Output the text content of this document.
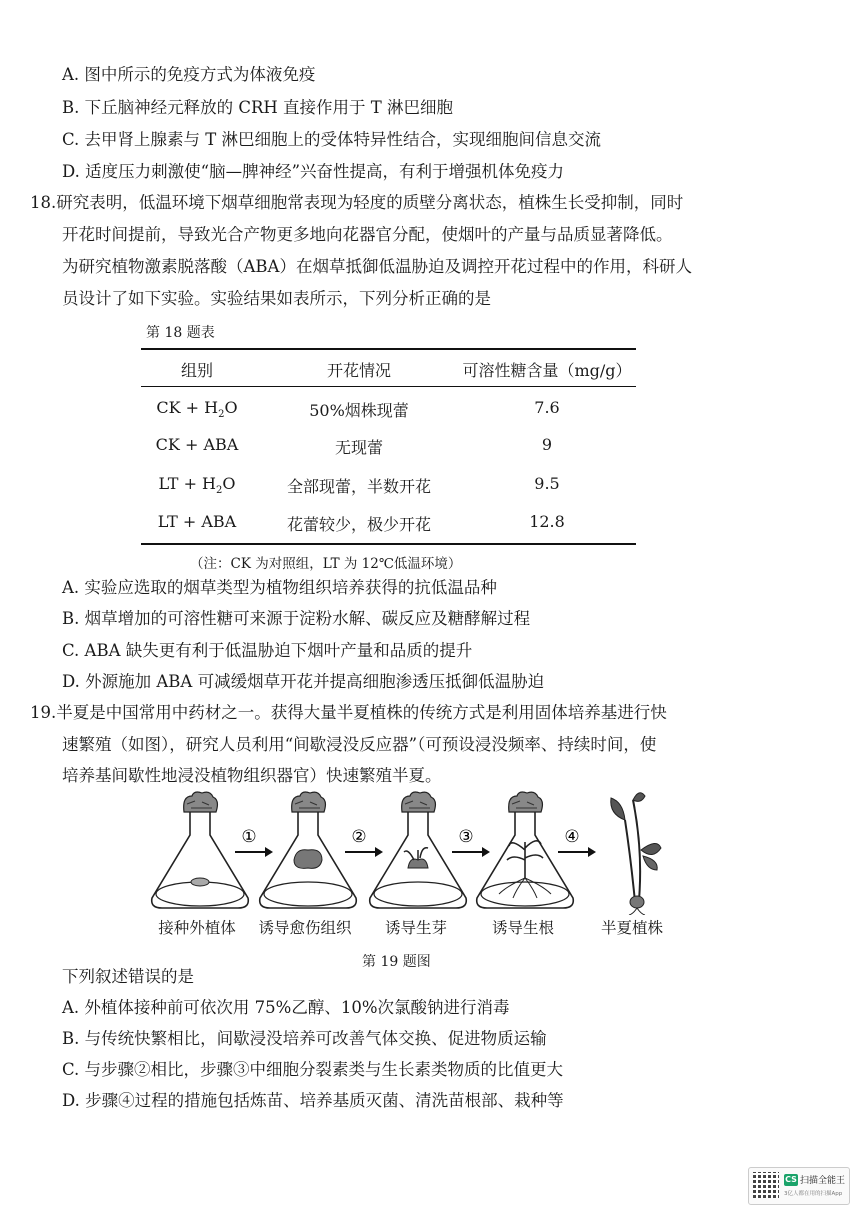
A. 图中所示的免疫方式为体液免疫
B. 下丘脑神经元释放的 CRH 直接作用于 T 淋巴细胞
C. 去甲肾上腺素与 T 淋巴细胞上的受体特异性结合，实现细胞间信息交流
D. 适度压力刺激使“脑—脾神经”兴奋性提高，有利于增强机体免疫力
18.研究表明，低温环境下烟草细胞常表现为轻度的质壁分离状态，植株生长受抑制，同时
开花时间提前，导致光合产物更多地向花器官分配，使烟叶的产量与品质显著降低。
为研究植物激素脱落酸（ABA）在烟草抵御低温胁迫及调控开花过程中的作用，科研人
员设计了如下实验。实验结果如表所示，下列分析正确的是
第 18 题表
组别	开花情况	可溶性糖含量（mg/g）
CK + $H_2O$	50%烟株现蕾	7.6
CK + ABA	无现蕾	9
LT + $H_2O$	全部现蕾，半数开花	9.5
LT + ABA	花蕾较少，极少开花	12.8
（注：CK 为对照组，LT 为 12℃低温环境）
A. 实验应选取的烟草类型为植物组织培养获得的抗低温品种
B. 烟草增加的可溶性糖可来源于淀粉水解、碳反应及糖酵解过程
C. ABA 缺失更有利于低温胁迫下烟叶产量和品质的提升
D. 外源施加 ABA 可减缓烟草开花并提高细胞渗透压抵御低温胁迫
19.半夏是中国常用中药材之一。获得大量半夏植株的传统方式是利用固体培养基进行快
速繁殖（如图），研究人员利用“间歇浸没反应器”（可预设浸没频率、持续时间，使
培养基间歇性地浸没植物组织器官）快速繁殖半夏。
①	②	③	④
接种外植体 诱导愈伤组织 诱导生芽	诱导生根	半夏植株
第 19 题图
下列叙述错误的是
A. 外植体接种前可依次用 75%乙醇、10%次氯酸钠进行消毒
B. 与传统快繁相比，间歇浸没培养可改善气体交换、促进物质运输
C. 与步骤②相比，步骤③中细胞分裂素类与生长素类物质的比值更大
D. 步骤④过程的措施包括炼苗、培养基质灭菌、清洗苗根部、栽种等
CS 扫描全能王
3亿人都在用的扫描App
